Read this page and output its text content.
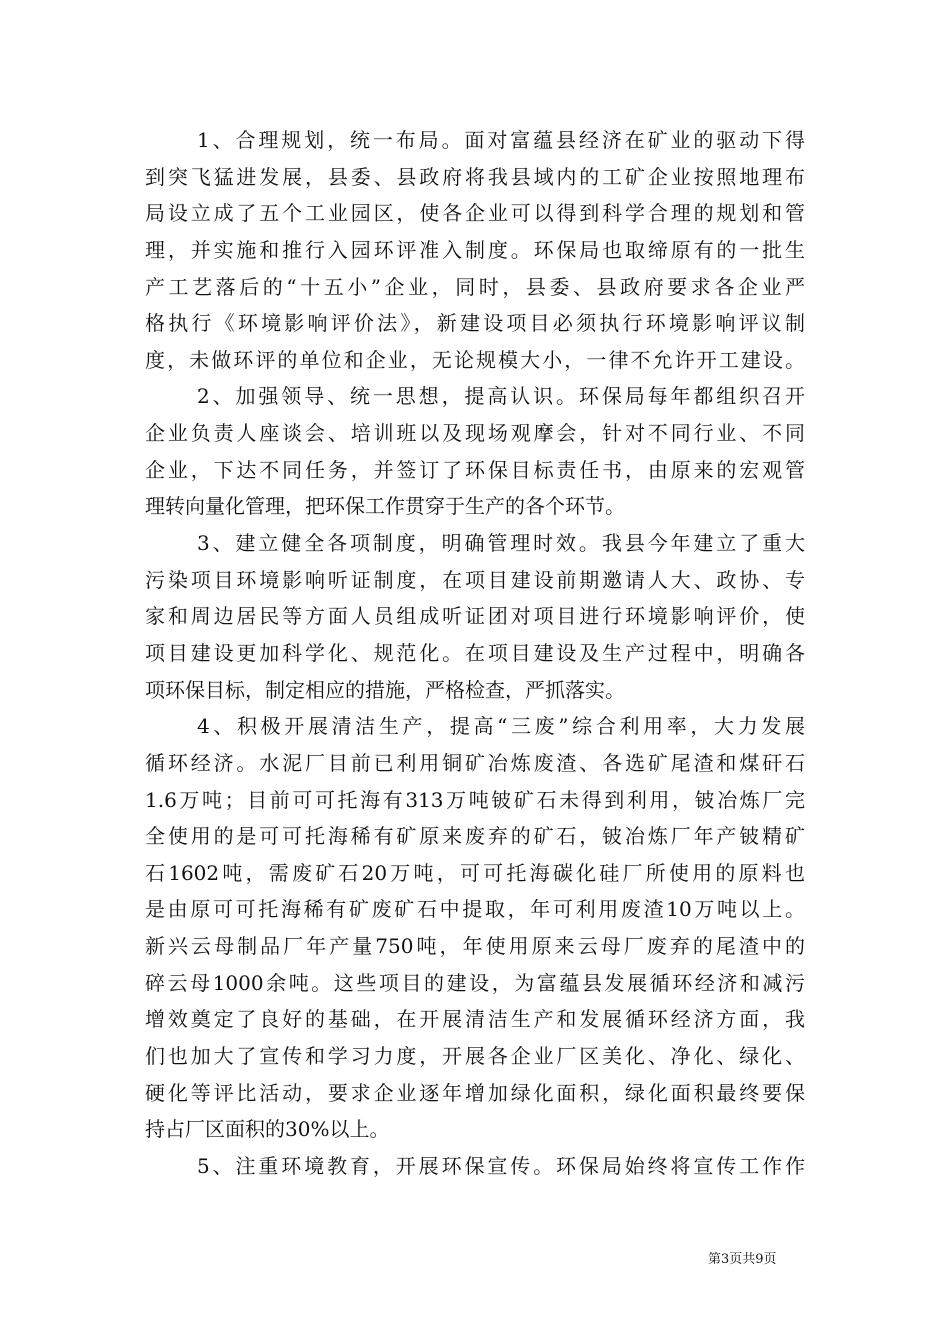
1、合理规划，统一布局。面对富蕴县经济在矿业的驱动下得
到突飞猛进发展，县委、县政府将我县域内的工矿企业按照地理布
局设立成了五个工业园区，使各企业可以得到科学合理的规划和管
理，并实施和推行入园环评准入制度。环保局也取缔原有的一批生
产工艺落后的“十五小”企业，同时，县委、县政府要求各企业严
格执行《环境影响评价法》，新建设项目必须执行环境影响评议制
度，未做环评的单位和企业，无论规模大小，一律不允许开工建设。
2、加强领导、统一思想，提高认识。环保局每年都组织召开
企业负责人座谈会、培训班以及现场观摩会，针对不同行业、不同
企业，下达不同任务，并签订了环保目标责任书，由原来的宏观管
理转向量化管理，把环保工作贯穿于生产的各个环节。
3、建立健全各项制度，明确管理时效。我县今年建立了重大
污染项目环境影响听证制度，在项目建设前期邀请人大、政协、专
家和周边居民等方面人员组成听证团对项目进行环境影响评价，使
项目建设更加科学化、规范化。在项目建设及生产过程中，明确各
项环保目标，制定相应的措施，严格检查，严抓落实。
4、积极开展清洁生产，提高“三废”综合利用率，大力发展
循环经济。水泥厂目前已利用铜矿冶炼废渣、各选矿尾渣和煤矸石
1.6万吨；目前可可托海有313万吨铍矿石未得到利用，铍冶炼厂完
全使用的是可可托海稀有矿原来废弃的矿石，铍冶炼厂年产铍精矿
石1602吨，需废矿石20万吨，可可托海碳化硅厂所使用的原料也
是由原可可托海稀有矿废矿石中提取，年可利用废渣10万吨以上。
新兴云母制品厂年产量750吨，年使用原来云母厂废弃的尾渣中的
碎云母1000余吨。这些项目的建设，为富蕴县发展循环经济和减污
增效奠定了良好的基础，在开展清洁生产和发展循环经济方面，我
们也加大了宣传和学习力度，开展各企业厂区美化、净化、绿化、
硬化等评比活动，要求企业逐年增加绿化面积，绿化面积最终要保
持占厂区面积的30%以上。
5、注重环境教育，开展环保宣传。环保局始终将宣传工作作
第3页共9页
